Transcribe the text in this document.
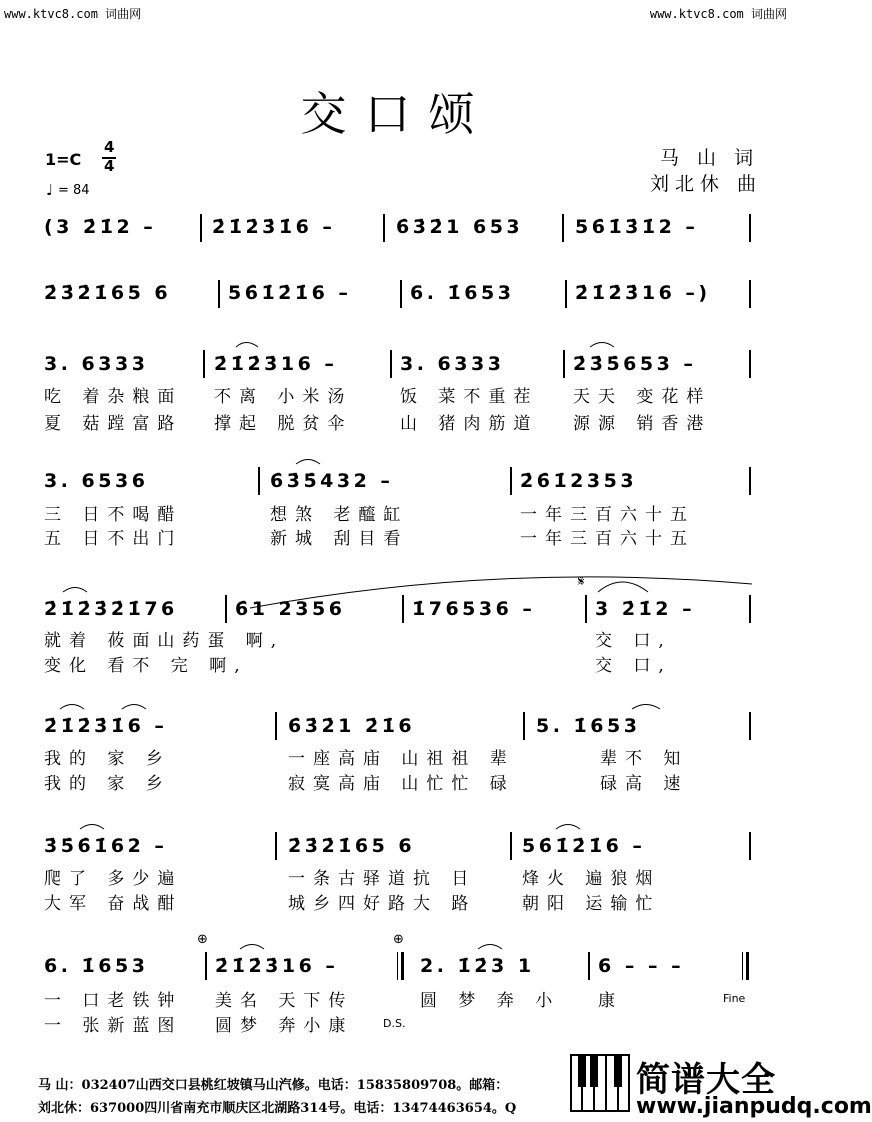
www.ktvc8.com 词曲网	www.ktvc8.com 词曲网
交口颂
1=C
4
4
♩ = 84
马 山 词
刘北休 曲
(3 2̇1̇2 –	2̇1̇2̇3̇1̇6 –	6̇3̇2̇1 653	56̇1̇3̇1̇2 –
2̇3̇2̇1̇65 6	56̇1̇2̇1̇6 –	6. 1̇653	2̇1̇2̇3̇16 –)
3. 6333	2̇1̇2̇3̇16 –	3. 6333	2̇3̇5̇653 –
吃 着杂粮面 不离 小米汤	饭 菜不重茬 天天 变花样
夏 菇蹚富路 撑起 脱贫伞	山 猪肉筋道 源源 销香港
3. 6536	6̇3̇5̇432 –	2̇6̇1̇2353
三 日不喝醋	想煞 老醯缸	一年三百六十五
五 日不出门	新城 刮目看	一年三百六十五
𝄋
2̇1̇2̇3̇2̇1̇76	6̇1 2356	1̇76536 –	3 2̇1̇2 –
就着 莜面山药蛋 啊,	交 口,
变化 看不 完 啊,	交 口,
2̇1̇2̇3̇1̇6 –	6̇3̇2̇1 2̇1̇6	5. 1̇653
我的 家 乡	一座高庙 山祖祖 辈	辈不 知
我的 家 乡	寂寞高庙 山忙忙 碌	碌高 速
3̇5̇6̇1̇62 –	2̇3̇2̇1̇65 6	56̇1̇2̇1̇6 –
爬了 多少遍	一条古驿道抗 日	烽火 遍狼烟
大军 奋战酣	城乡四好路大 路	朝阳 运输忙
⊕	⊕
6. 1̇653	2̇1̇2̇3̇16 –	2. 1̇2̇3 1	6 – – –
一 口老铁钟 美名 天下传	圆 梦 奔 小 康
一 张新蓝图 圆梦 奔小康
Fine
D.S.
马 山：032407山西交口县桃红坡镇马山汽修。电话：15835809708。邮箱：
刘北休：637000四川省南充市顺庆区北湖路314号。电话：13474463654。Q
简谱大全
www.jianpudq.com
